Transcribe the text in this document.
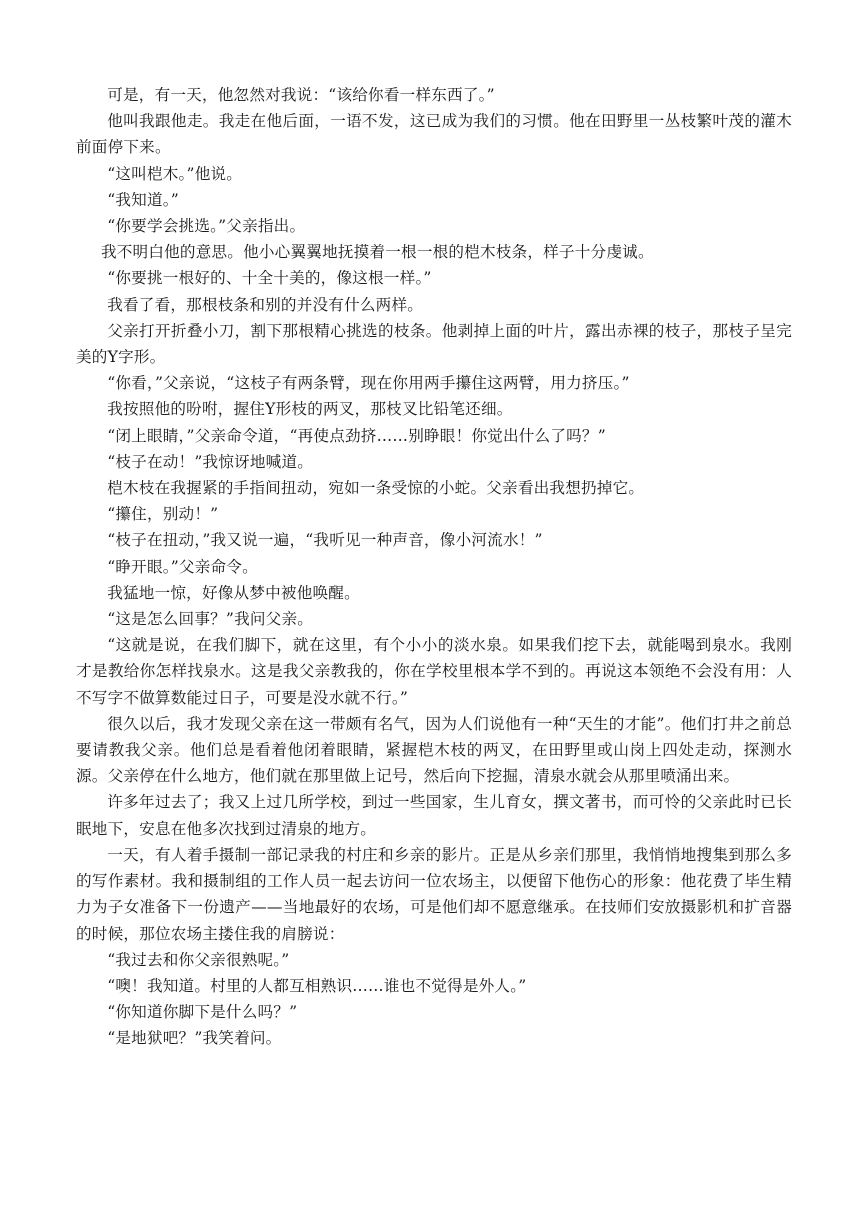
可是，有一天，他忽然对我说：“该给你看一样东西了。”

他叫我跟他走。我走在他后面，一语不发，这已成为我们的习惯。他在田野里一丛枝繁叶茂的灌木前面停下来。

“这叫桤木。”他说。

“我知道。”

“你要学会挑选。”父亲指出。

我不明白他的意思。他小心翼翼地抚摸着一根一根的桤木枝条，样子十分虔诚。

“你要挑一根好的、十全十美的，像这根一样。”

我看了看，那根枝条和别的并没有什么两样。

父亲打开折叠小刀，割下那根精心挑选的枝条。他剥掉上面的叶片，露出赤裸的枝子，那枝子呈完美的Y字形。

“你看，”父亲说，“这枝子有两条臂，现在你用两手攥住这两臂，用力挤压。”

我按照他的吩咐，握住Y形枝的两叉，那枝叉比铅笔还细。

“闭上眼睛，”父亲命令道，“再使点劲挤……别睁眼！你觉出什么了吗？”

“枝子在动！”我惊讶地喊道。

桤木枝在我握紧的手指间扭动，宛如一条受惊的小蛇。父亲看出我想扔掉它。

“攥住，别动！”

“枝子在扭动，”我又说一遍，“我听见一种声音，像小河流水！”

“睁开眼。”父亲命令。

我猛地一惊，好像从梦中被他唤醒。

“这是怎么回事？”我问父亲。

“这就是说，在我们脚下，就在这里，有个小小的淡水泉。如果我们挖下去，就能喝到泉水。我刚才是教给你怎样找泉水。这是我父亲教我的，你在学校里根本学不到的。再说这本领绝不会没有用：人不写字不做算数能过日子，可要是没水就不行。”

很久以后，我才发现父亲在这一带颇有名气，因为人们说他有一种“天生的才能”。他们打井之前总要请教我父亲。他们总是看着他闭着眼睛，紧握桤木枝的两叉，在田野里或山岗上四处走动，探测水源。父亲停在什么地方，他们就在那里做上记号，然后向下挖掘，清泉水就会从那里喷涌出来。

许多年过去了；我又上过几所学校，到过一些国家，生儿育女，撰文著书，而可怜的父亲此时已长眠地下，安息在他多次找到过清泉的地方。

一天，有人着手摄制一部记录我的村庄和乡亲的影片。正是从乡亲们那里，我悄悄地搜集到那么多的写作素材。我和摄制组的工作人员一起去访问一位农场主，以便留下他伤心的形象：他花费了毕生精力为子女准备下一份遗产——当地最好的农场，可是他们却不愿意继承。在技师们安放摄影机和扩音器的时候，那位农场主搂住我的肩膀说：

“我过去和你父亲很熟呢。”

“噢！我知道。村里的人都互相熟识……谁也不觉得是外人。”

“你知道你脚下是什么吗？”

“是地狱吧？”我笑着问。
